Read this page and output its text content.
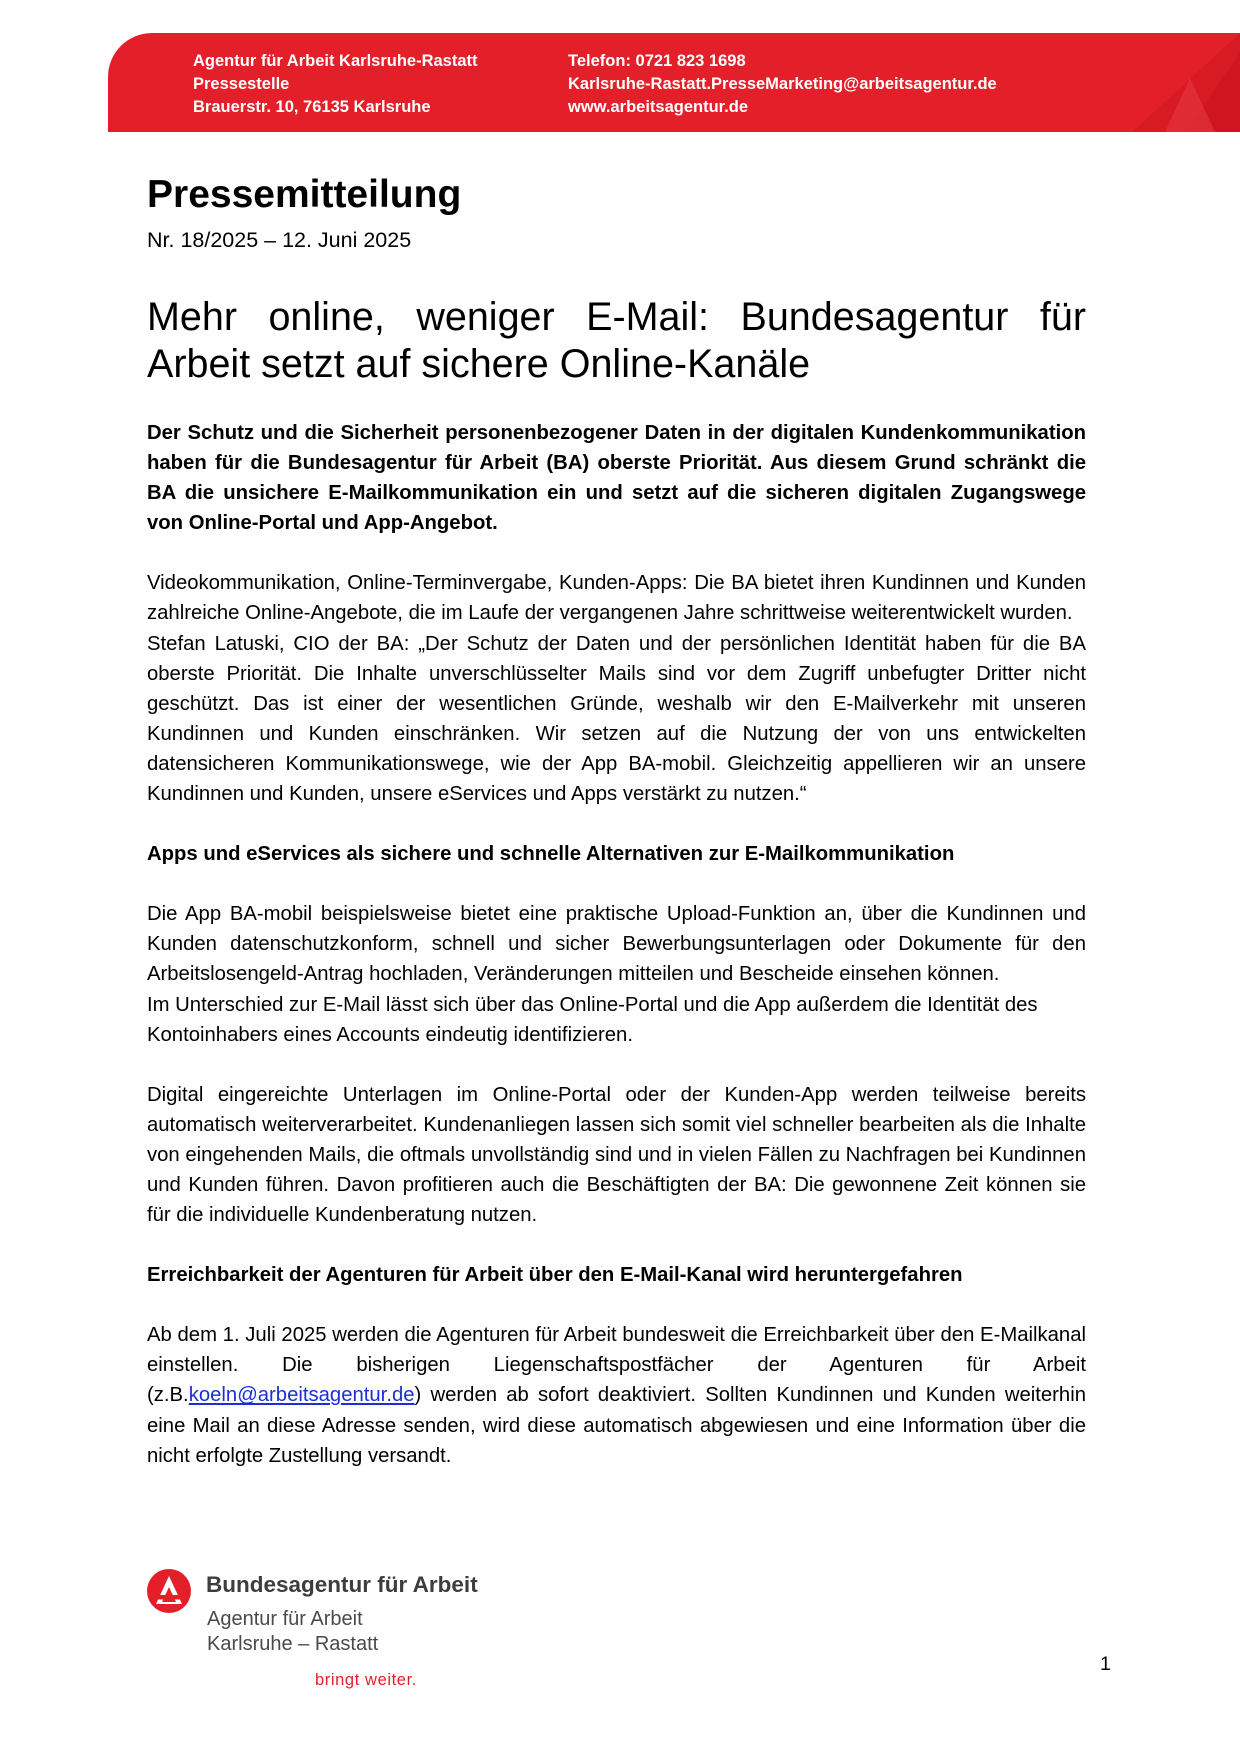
Agentur für Arbeit Karlsruhe-Rastatt
Pressestelle
Brauerstr. 10, 76135 Karlsruhe
Telefon: 0721 823 1698
Karlsruhe-Rastatt.PresseMarketing@arbeitsagentur.de
www.arbeitsagentur.de
Pressemitteilung
Nr. 18/2025 – 12. Juni 2025
Mehr online, weniger E-Mail: Bundesagentur für Arbeit setzt auf sichere Online-Kanäle

Der Schutz und die Sicherheit personenbezogener Daten in der digitalen Kundenkommunikation haben für die Bundesagentur für Arbeit (BA) oberste Priorität. Aus diesem Grund schränkt die BA die unsichere E-Mailkommunikation ein und setzt auf die sicheren digitalen Zugangswege von Online-Portal und App-Angebot.

Videokommunikation, Online-Terminvergabe, Kunden-Apps: Die BA bietet ihren Kundinnen und Kunden zahlreiche Online-Angebote, die im Laufe der vergangenen Jahre schrittweise weiterentwickelt wurden.

Stefan Latuski, CIO der BA: „Der Schutz der Daten und der persönlichen Identität haben für die BA oberste Priorität. Die Inhalte unverschlüsselter Mails sind vor dem Zugriff unbefugter Dritter nicht geschützt. Das ist einer der wesentlichen Gründe, weshalb wir den E-Mailverkehr mit unseren Kundinnen und Kunden einschränken. Wir setzen auf die Nutzung der von uns entwickelten datensicheren Kommunikationswege, wie der App BA-mobil. Gleichzeitig appellieren wir an unsere Kundinnen und Kunden, unsere eServices und Apps verstärkt zu nutzen.“

Apps und eServices als sichere und schnelle Alternativen zur E-Mailkommunikation

Die App BA-mobil beispielsweise bietet eine praktische Upload-Funktion an, über die Kundinnen und Kunden datenschutzkonform, schnell und sicher Bewerbungsunterlagen oder Dokumente für den Arbeitslosengeld-Antrag hochladen, Veränderungen mitteilen und Bescheide einsehen können.

Im Unterschied zur E-Mail lässt sich über das Online-Portal und die App außerdem die Identität des Kontoinhabers eines Accounts eindeutig identifizieren.

Digital eingereichte Unterlagen im Online-Portal oder der Kunden-App werden teilweise bereits automatisch weiterverarbeitet. Kundenanliegen lassen sich somit viel schneller bearbeiten als die Inhalte von eingehenden Mails, die oftmals unvollständig sind und in vielen Fällen zu Nachfragen bei Kundinnen und Kunden führen. Davon profitieren auch die Beschäftigten der BA: Die gewonnene Zeit können sie für die individuelle Kundenberatung nutzen.

Erreichbarkeit der Agenturen für Arbeit über den E-Mail-Kanal wird heruntergefahren

Ab dem 1. Juli 2025 werden die Agenturen für Arbeit bundesweit die Erreichbarkeit über den E-Mailkanal einstellen. Die bisherigen Liegenschaftspostfächer der Agenturen für Arbeit (z.B.koeln@arbeitsagentur.de) werden ab sofort deaktiviert. Sollten Kundinnen und Kunden weiterhin eine Mail an diese Adresse senden, wird diese automatisch abgewiesen und eine Information über die nicht erfolgte Zustellung versandt.

Bundesagentur für Arbeit
Agentur für Arbeit
Karlsruhe – Rastatt
bringt weiter.
1
